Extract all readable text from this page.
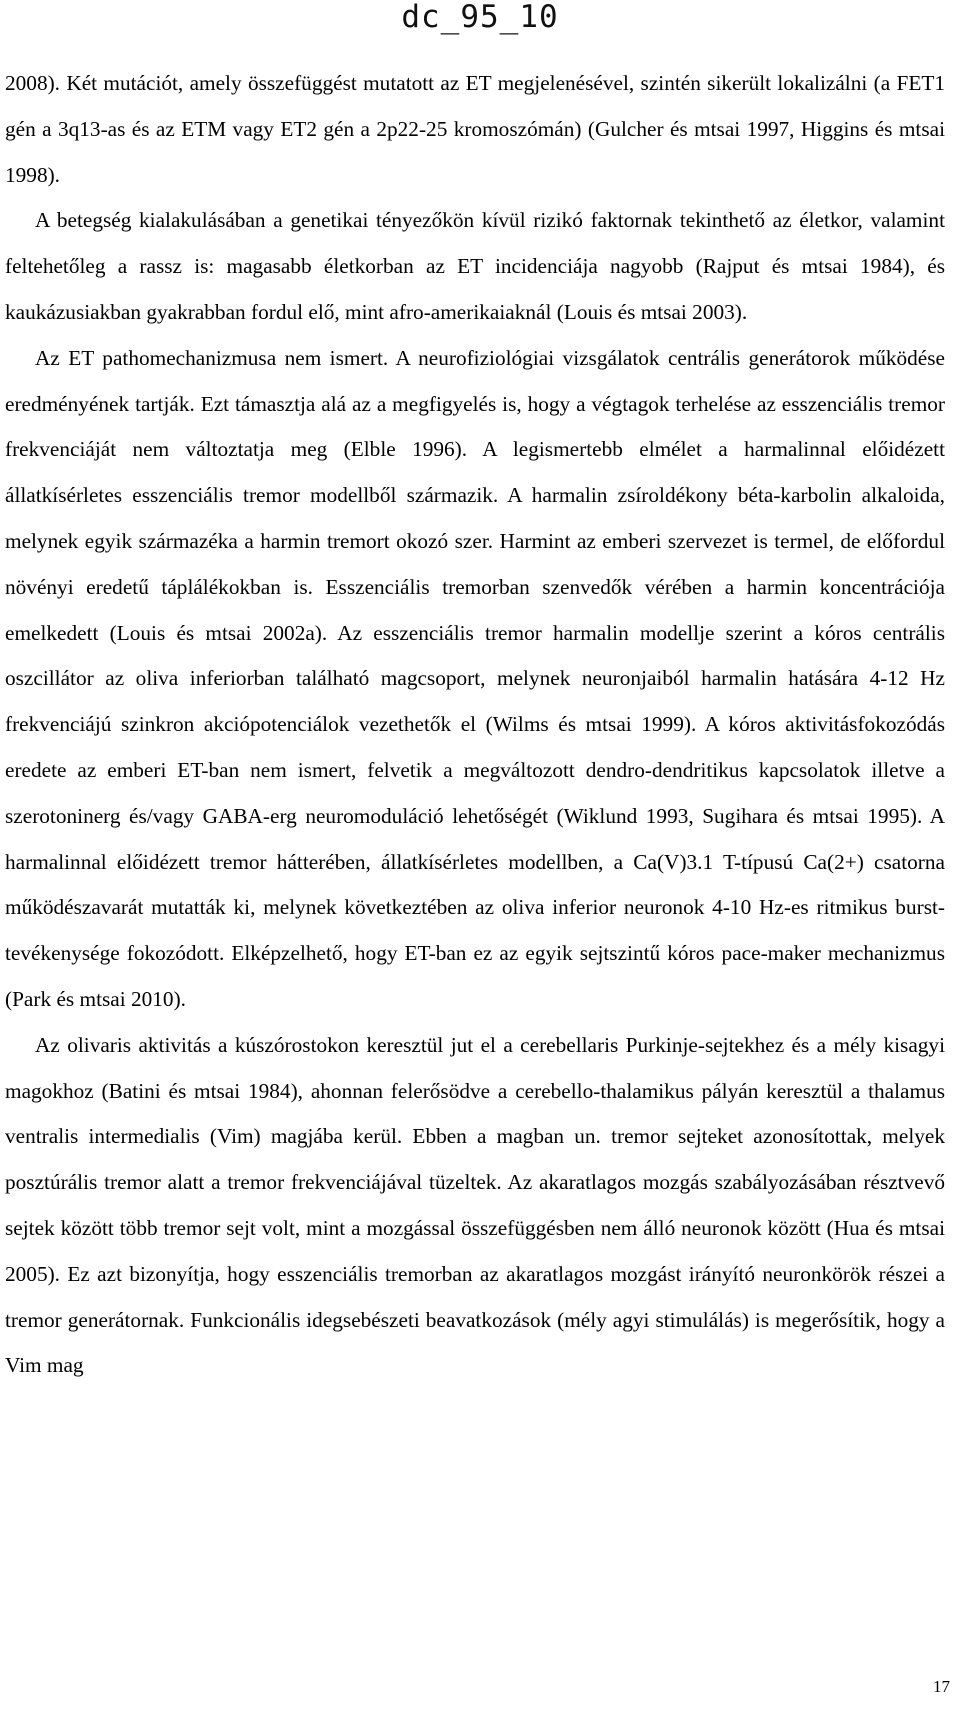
dc_95_10

2008). Két mutációt, amely összefüggést mutatott az ET megjelenésével, szintén sikerült lokalizálni (a FET1 gén a 3q13-as és az ETM vagy ET2 gén a 2p22-25 kromoszómán) (Gulcher és mtsai 1997, Higgins és mtsai 1998).

A betegség kialakulásában a genetikai tényezőkön kívül rizikó faktornak tekinthető az életkor, valamint feltehetőleg a rassz is: magasabb életkorban az ET incidenciája nagyobb (Rajput és mtsai 1984), és kaukázusiakban gyakrabban fordul elő, mint afro-amerikaiaknál (Louis és mtsai 2003).

Az ET pathomechanizmusa nem ismert. A neurofiziológiai vizsgálatok centrális generátorok működése eredményének tartják. Ezt támasztja alá az a megfigyelés is, hogy a végtagok terhelése az esszenciális tremor frekvenciáját nem változtatja meg (Elble 1996). A legismertebb elmélet a harmalinnal előidézett állatkísérletes esszenciális tremor modellből származik. A harmalin zsíroldékony béta-karbolin alkaloida, melynek egyik származéka a harmin tremort okozó szer. Harmint az emberi szervezet is termel, de előfordul növényi eredetű táplálékokban is. Esszenciális tremorban szenvedők vérében a harmin koncentrációja emelkedett (Louis és mtsai 2002a). Az esszenciális tremor harmalin modellje szerint a kóros centrális oszcillátor az oliva inferiorban található magcsoport, melynek neuronjaiból harmalin hatására 4-12 Hz frekvenciájú szinkron akciópotenciálok vezethetők el (Wilms és mtsai 1999). A kóros aktivitásfokozódás eredete az emberi ET-ban nem ismert, felvetik a megváltozott dendro-dendritikus kapcsolatok illetve a szerotoninerg és/vagy GABA-erg neuromoduláció lehetőségét (Wiklund 1993, Sugihara és mtsai 1995). A harmalinnal előidézett tremor hátterében, állatkísérletes modellben, a Ca(V)3.1 T-típusú Ca(2+) csatorna működészavarát mutatták ki, melynek következtében az oliva inferior neuronok 4-10 Hz-es ritmikus burst-tevékenysége fokozódott. Elképzelhető, hogy ET-ban ez az egyik sejtszintű kóros pace-maker mechanizmus (Park és mtsai 2010).

Az olivaris aktivitás a kúszórostokon keresztül jut el a cerebellaris Purkinje-sejtekhez és a mély kisagyi magokhoz (Batini és mtsai 1984), ahonnan felerősödve a cerebello-thalamikus pályán keresztül a thalamus ventralis intermedialis (Vim) magjába kerül. Ebben a magban un. tremor sejteket azonosítottak, melyek posztúrális tremor alatt a tremor frekvenciájával tüzeltek. Az akaratlagos mozgás szabályozásában résztvevő sejtek között több tremor sejt volt, mint a mozgással összefüggésben nem álló neuronok között (Hua és mtsai 2005). Ez azt bizonyítja, hogy esszenciális tremorban az akaratlagos mozgást irányító neuronkörök részei a tremor generátornak. Funkcionális idegsebészeti beavatkozások (mély agyi stimulálás) is megerősítik, hogy a Vim mag

17
